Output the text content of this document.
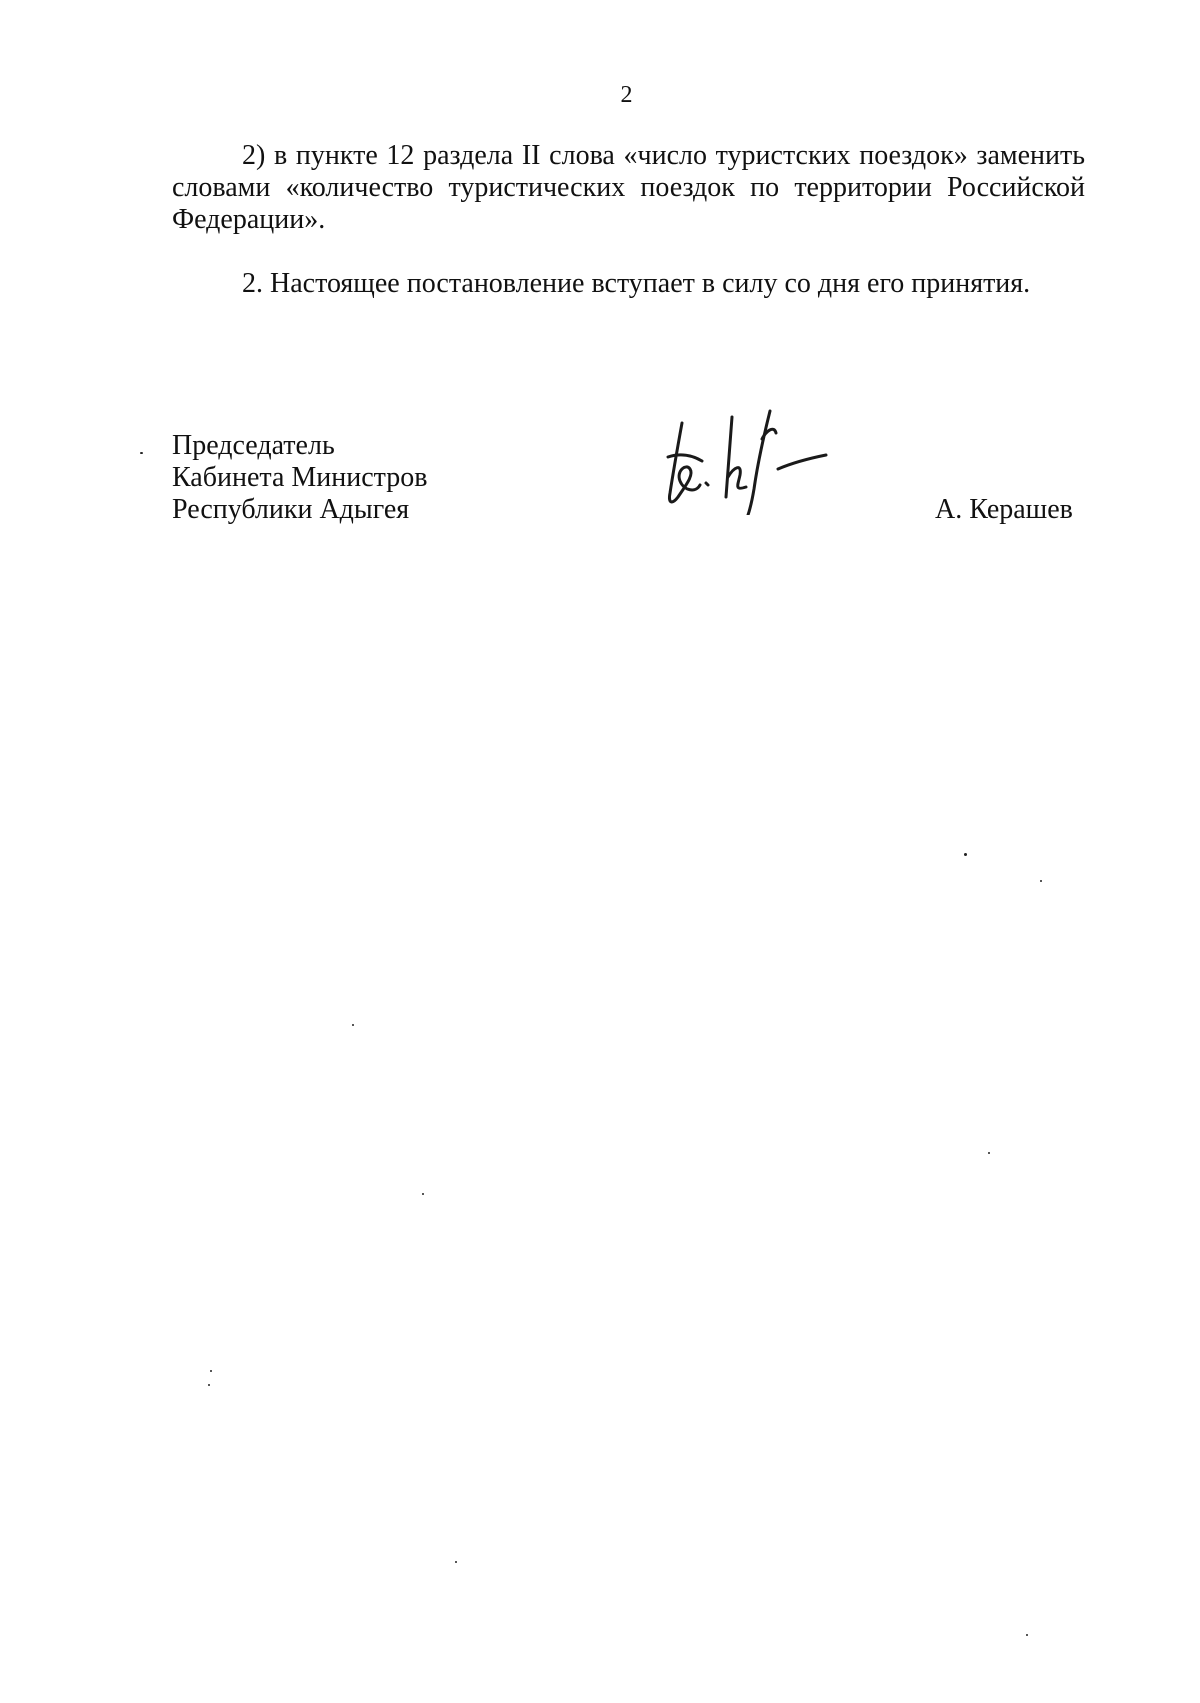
2

2) в пункте 12 раздела II слова «число туристских поездок» заменить словами «количество туристических поездок по территории Российской Федерации».

2. Настоящее постановление вступает в силу со дня его принятия.

Председатель
Кабинета Министров
Республики Адыгея	А. Керашев
